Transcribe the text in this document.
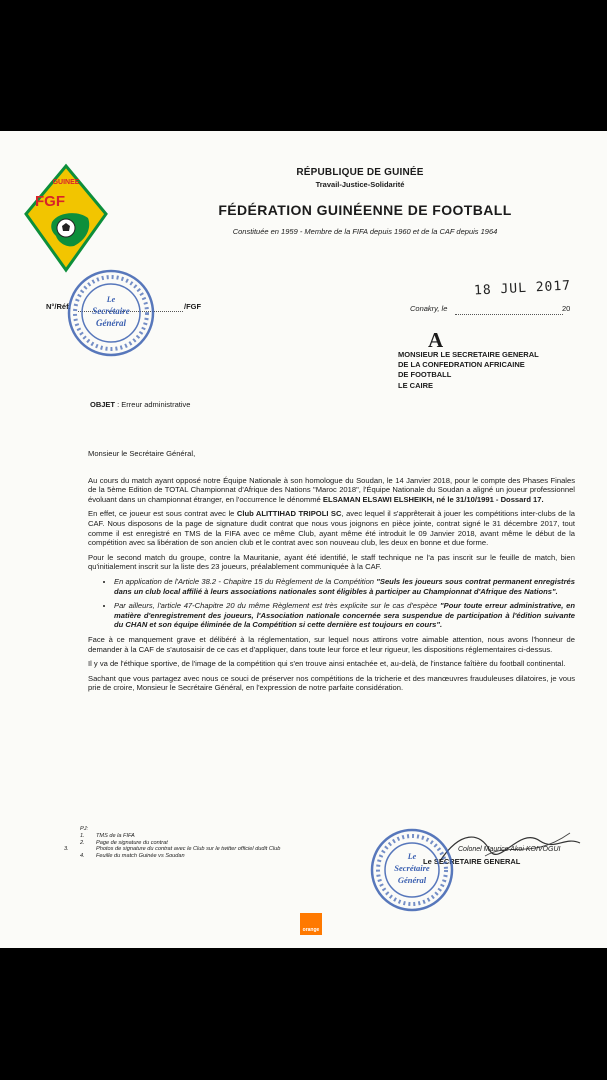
GUINEE
FGF
RÉPUBLIQUE DE GUINÉE
Travail-Justice-Solidarité
FÉDÉRATION GUINÉENNE DE FOOTBALL
Constituée en 1959 - Membre de la FIFA depuis 1960 et de la CAF depuis 1964
N°/Réf.	/FGF	Conakry, le	20
18 JUL 2017
A
MONSIEUR LE SECRETAIRE GENERAL
DE LA CONFEDRATION AFRICAINE
DE FOOTBALL
LE CAIRE
OBJET : Erreur administrative
Le
Secrétaire
Général

Monsieur le Secrétaire Général,

Au cours du match ayant opposé notre Équipe Nationale à son homologue du Soudan, le 14 Janvier 2018, pour le compte des Phases Finales de la 5ème Edition de TOTAL Championnat d'Afrique des Nations "Maroc 2018", l'Équipe Nationale du Soudan a aligné un joueur professionnel évoluant dans un championnat étranger, en l'occurrence le dénommé ELSAMAN ELSAWI ELSHEIKH, né le 31/10/1991 - Dossard 17.

En effet, ce joueur est sous contrat avec le Club ALITTIHAD TRIPOLI SC, avec lequel il s'apprêterait à jouer les compétitions inter-clubs de la CAF. Nous disposons de la page de signature dudit contrat que nous vous joignons en pièce jointe, contrat signé le 31 décembre 2017, tout comme il est enregistré en TMS de la FIFA avec ce même Club, ayant même été introduit le 09 Janvier 2018, avant même le début de la compétition avec sa libération de son ancien club et le contrat avec son nouveau club, les deux en bonne et due forme.

Pour le second match du groupe, contre la Mauritanie, ayant été identifié, le staff technique ne l'a pas inscrit sur le feuille de match, bien qu'initialement inscrit sur la liste des 23 joueurs, préalablement communiquée à la CAF.

• En application de l'Article 38.2 - Chapitre 15 du Règlement de la Compétition "Seuls les joueurs sous contrat permanent enregistrés dans un club local affilié à leurs associations nationales sont éligibles à participer au Championnat d'Afrique des Nations".
• Par ailleurs, l'article 47-Chapitre 20 du même Règlement est très explicite sur le cas d'espèce "Pour toute erreur administrative, en matière d'enregistrement des joueurs, l'Association nationale concernée sera suspendue de participation à l'édition suivante du CHAN et son équipe éliminée de la Compétition si cette dernière est toujours en cours".

Face à ce manquement grave et délibéré à la réglementation, sur lequel nous attirons votre aimable attention, nous avons l'honneur de demander à la CAF de s'autosaisir de ce cas et d'appliquer, dans toute leur force et leur rigueur, les dispositions réglementaires ci-dessus.

Il y va de l'éthique sportive, de l'image de la compétition qui s'en trouve ainsi entachée et, au-delà, de l'instance faîtière du football continental.

Sachant que vous partagez avec nous ce souci de préserver nos compétitions de la tricherie et des manœuvres frauduleuses dilatoires, je vous prie de croire, Monsieur le Secrétaire Général, en l'expression de notre parfaite considération.

PJ:
1. TMS de la FIFA
2. Page de signature du contrat
3.	Photos de signature du contrat avec le Club sur le twitter officiel dudit Club
4. Feuille du match Guinée vs Soudan
Colonel Maurice Akoi KOIVOGUI
Le SECRETAIRE GENERAL
Le
Secrétaire
Général
orange
